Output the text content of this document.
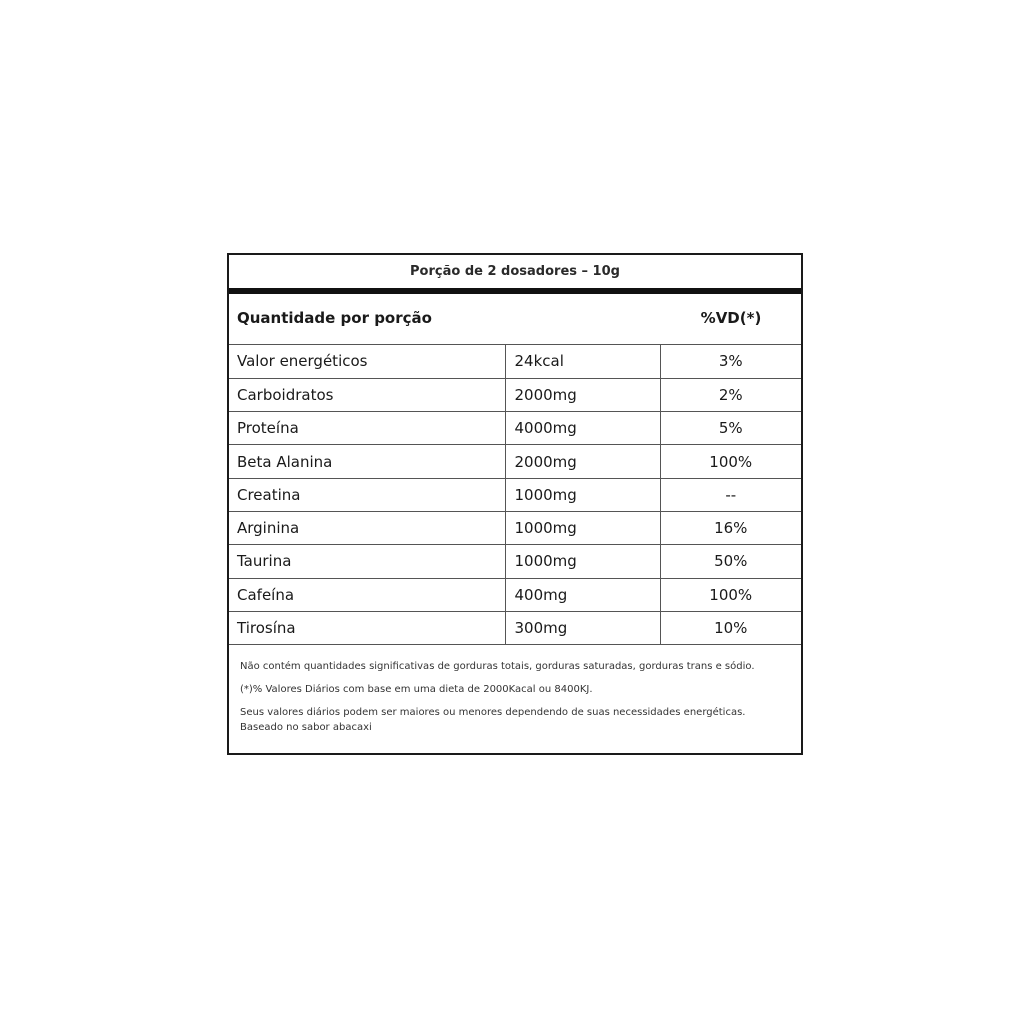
Porção de 2 dosadores – 10g
Quantidade por porção	%VD(*)
Valor energéticos	24kcal	3%
Carboidratos	2000mg	2%
Proteína	4000mg	5%
Beta Alanina	2000mg	100%
Creatina	1000mg	--
Arginina	1000mg	16%
Taurina	1000mg	50%
Cafeína	400mg	100%
Tirosína	300mg	10%

Não contém quantidades significativas de gorduras totais, gorduras saturadas, gorduras trans e sódio.

(*)% Valores Diários com base em uma dieta de 2000Kacal ou 8400KJ.

Seus valores diários podem ser maiores ou menores dependendo de suas necessidades energéticas.

Baseado no sabor abacaxi
